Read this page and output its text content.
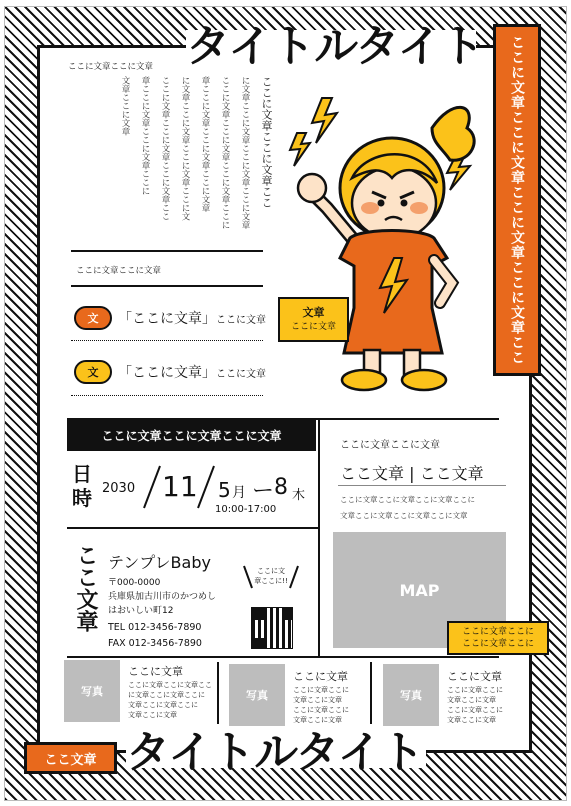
タイトルタイト ここに文章ここに文章ここに文章ここに文章ここ
ここに文章ここに文章
ここに文章ここに文章ここ
に文章ここに文章ここに文章ここに文章
ここに文章ここに文章ここに文章ここに
章ここに文章ここに文章ここに文章
に文章ここに文章ここに文章ここに文
ここに文章ここに文章ここに文章ここ
章ここに文章ここに文章ここに
文章ここに文章
文章
ここに文章
ここに文章ここに文章
文	「ここに文章」ここに文章
文	「ここに文章」ここに文章
ここに文章ここに文章ここに文章
日
時 2030 11 5 月 ー 8 木
10:00-17:00
ここ文章 テンプレBaby
〒000-0000
兵庫県加古川市のかつめし
はおいしい町12
TEL 012-3456-7890
FAX 012-3456-7890
ここに文
章ここに!!
ここに文章ここに文章
ここ文章 | ここ文章
ここに文章ここに文章ここに文章ここに
文章ここに文章ここに文章ここに文章
MAP
ここに文章ここに
ここに文章ここに
写真
ここに文章
ここに文章ここに文章ここ
に文章ここに文章ここに
文章ここに文章ここに
文章ここに文章
写真
ここに文章
ここに文章ここに
文章ここに文章
ここに文章ここに
文章ここに文章
写真
ここに文章
ここに文章ここに
文章ここに文章
ここに文章ここに
文章ここに文章
タイトルタイト
ここ文章
